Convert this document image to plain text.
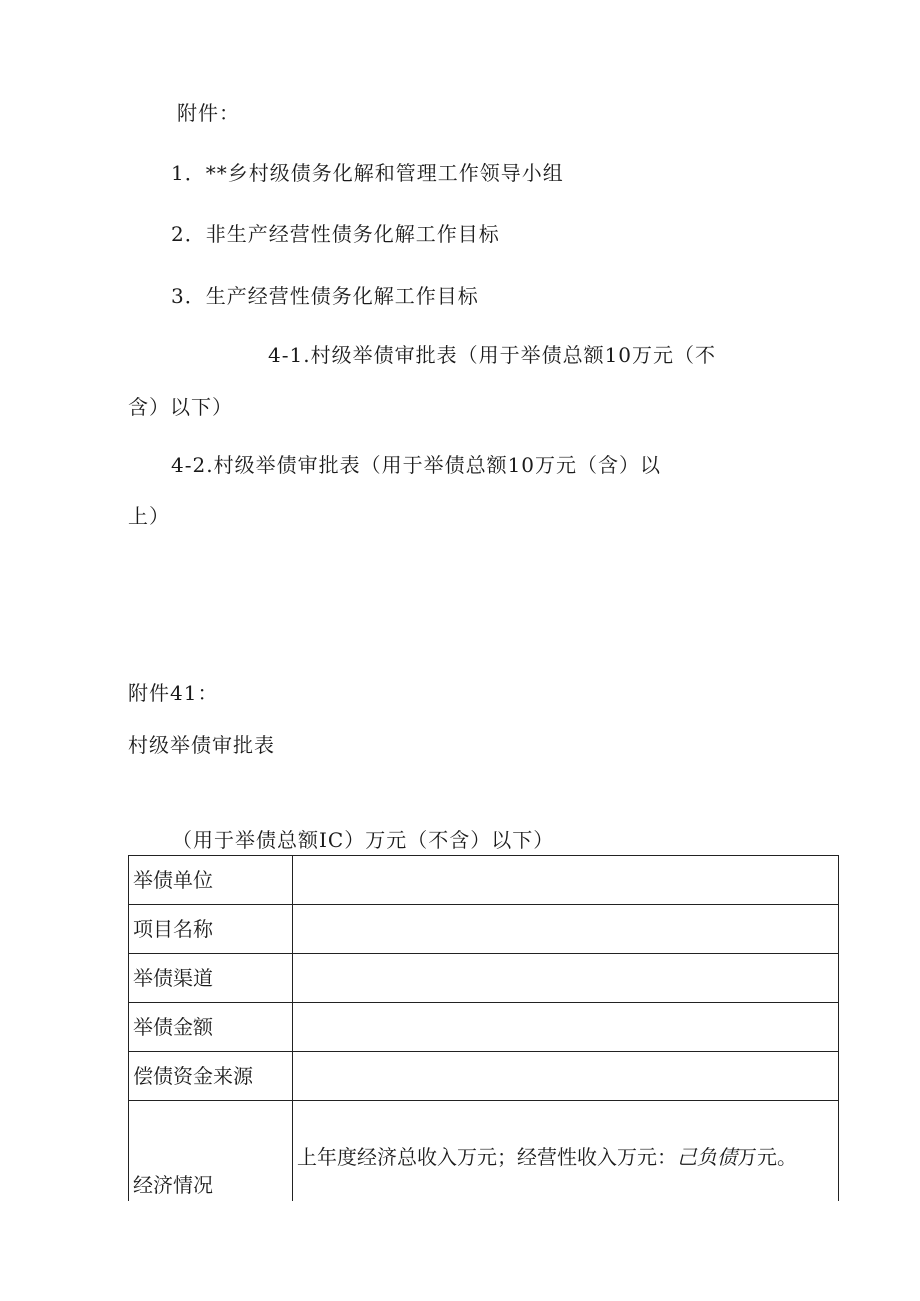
附件：
1．**乡村级债务化解和管理工作领导小组
2．非生产经营性债务化解工作目标
3．生产经营性债务化解工作目标
4-1.村级举债审批表（用于举债总额10万元（不
含）以下）
4-2.村级举债审批表（用于举债总额10万元（含）以
上）
附件41：
村级举债审批表
（用于举债总额IC）万元（不含）以下）
举债单位	
项目名称	
举债渠道	
举债金额	
偿债资金来源	
经济情况	上年度经济总收入万元；经营性收入万元：己负债万元。
